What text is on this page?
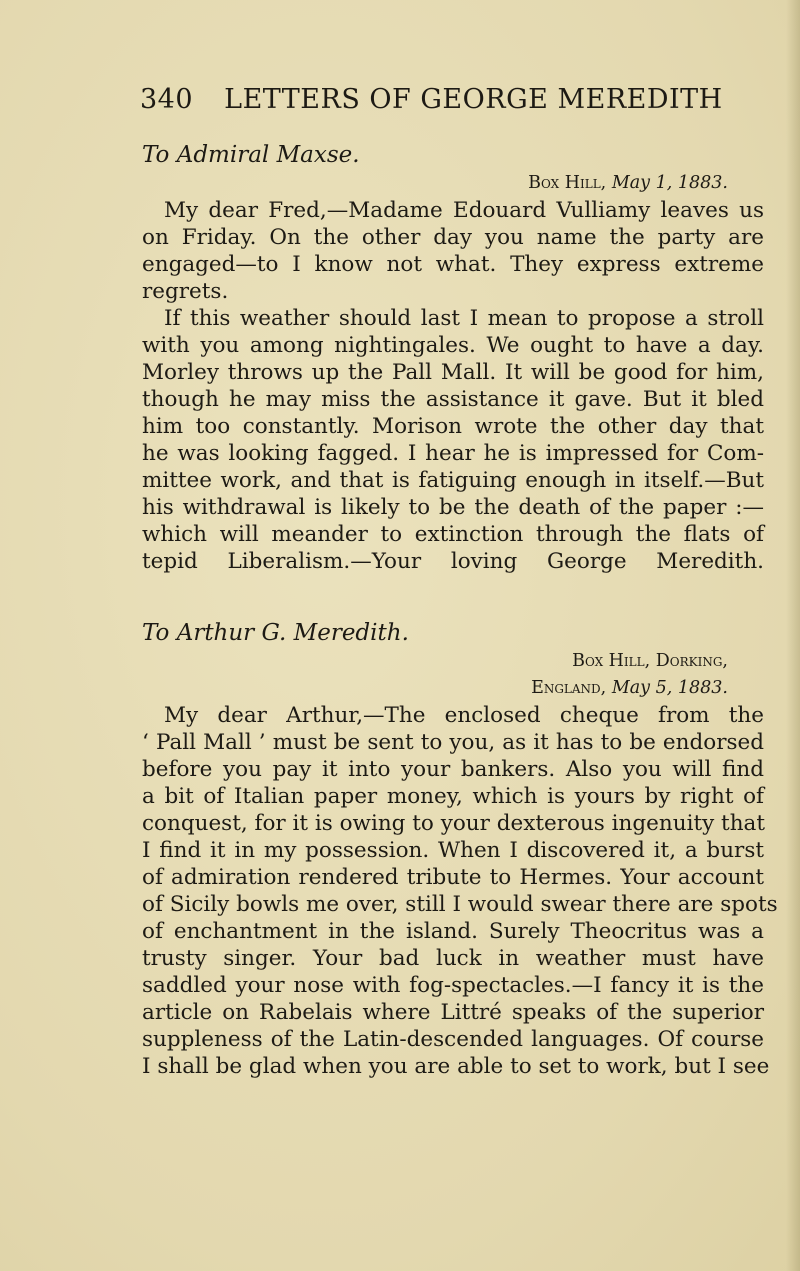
340 LETTERS OF GEORGE MEREDITH
To Admiral Maxse.
Box Hill, May 1, 1883.
My dear Fred,—Madame Edouard Vulliamy leaves us
on Friday. On the other day you name the party are
engaged—to I know not what. They express extreme
regrets.
If this weather should last I mean to propose a stroll
with you among nightingales. We ought to have a day.
Morley throws up the Pall Mall. It will be good for him,
though he may miss the assistance it gave. But it bled
him too constantly. Morison wrote the other day that
he was looking fagged. I hear he is impressed for Com-
mittee work, and that is fatiguing enough in itself.—But
his withdrawal is likely to be the death of the paper :—
which will meander to extinction through the flats of
tepid Liberalism.—Your loving George Meredith.
To Arthur G. Meredith.
Box Hill, Dorking,
England, May 5, 1883.
My dear Arthur,—The enclosed cheque from the
‘ Pall Mall ’ must be sent to you, as it has to be endorsed
before you pay it into your bankers. Also you will find
a bit of Italian paper money, which is yours by right of
conquest, for it is owing to your dexterous ingenuity that
I find it in my possession. When I discovered it, a burst
of admiration rendered tribute to Hermes. Your account
of Sicily bowls me over, still I would swear there are spots
of enchantment in the island. Surely Theocritus was a
trusty singer. Your bad luck in weather must have
saddled your nose with fog-spectacles.—I fancy it is the
article on Rabelais where Littré speaks of the superior
suppleness of the Latin-descended languages. Of course
I shall be glad when you are able to set to work, but I see
